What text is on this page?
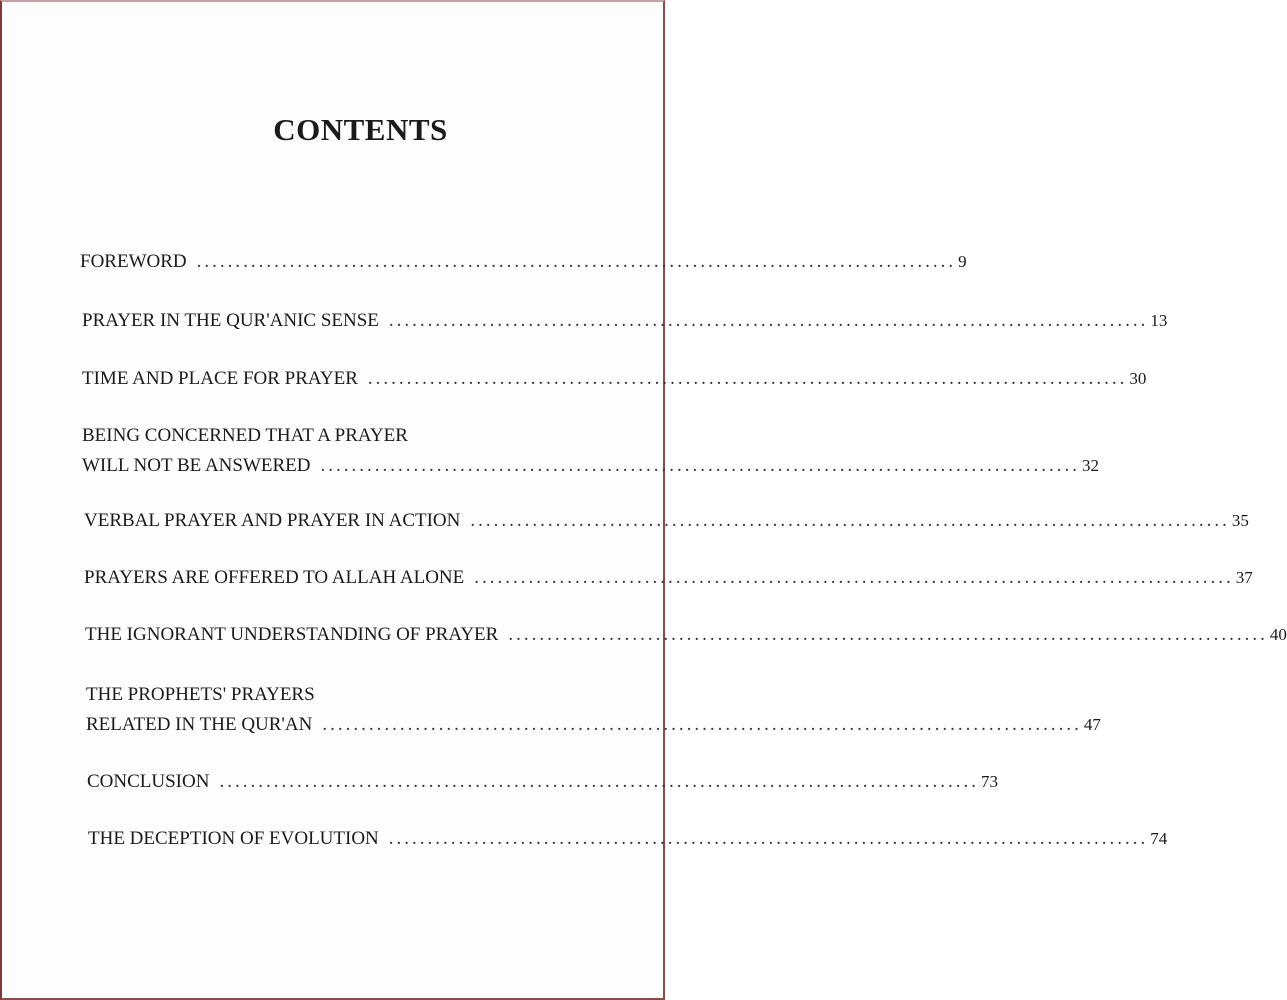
CONTENTS
FOREWORD .................................................................................................. 9
PRAYER IN THE QUR'ANIC SENSE .................................................................................................. 13
TIME AND PLACE FOR PRAYER .................................................................................................. 30
BEING CONCERNED THAT A PRAYER
WILL NOT BE ANSWERED .................................................................................................. 32
VERBAL PRAYER AND PRAYER IN ACTION .................................................................................................. 35
PRAYERS ARE OFFERED TO ALLAH ALONE .................................................................................................. 37
THE IGNORANT UNDERSTANDING OF PRAYER .................................................................................................. 40
THE PROPHETS' PRAYERS
RELATED IN THE QUR'AN .................................................................................................. 47
CONCLUSION .................................................................................................. 73
THE DECEPTION OF EVOLUTION .................................................................................................. 74
